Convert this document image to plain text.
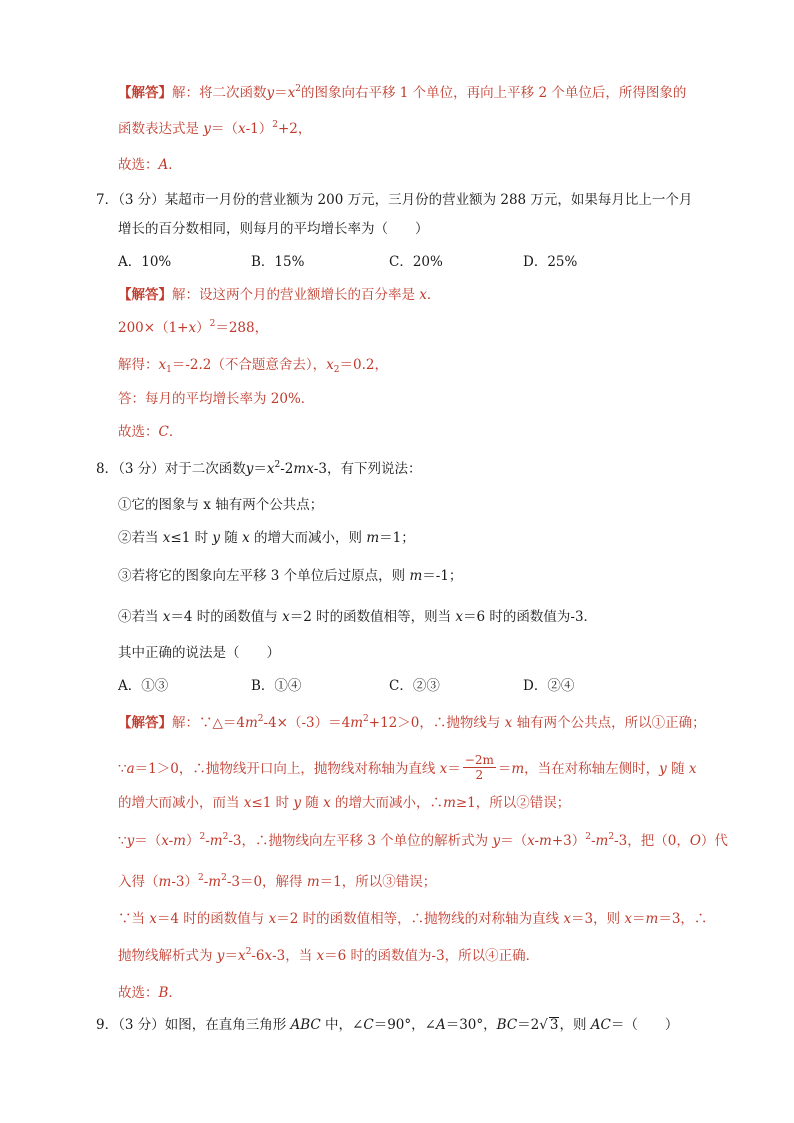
【解答】解：将二次函数$y=x^2$的图象向右平移 1 个单位，再向上平移 2 个单位后，所得图象的
函数表达式是 $y=(x-1)^2+2$，
故选：A．
7．（3 分）某超市一月份的营业额为 200 万元，三月份的营业额为 288 万元，如果每月比上一个月
增长的百分数相同，则每月的平均增长率为（　　）
A．10%	B．15%	C．20%	D．25%
【解答】解：设这两个月的营业额增长的百分率是 x．
$200\times(1+x)^2=288$，
解得：$x_1=-2.2$（不合题意舍去），$x_2=0.2$，
答：每月的平均增长率为 20%．
故选：C．
8．（3 分）对于二次函数$y=x^2-2mx-3$，有下列说法：
①它的图象与 x 轴有两个公共点；
②若当 x≤1 时 y 随 x 的增大而减小，则 m＝1；
③若将它的图象向左平移 3 个单位后过原点，则 m＝-1；
④若当 x＝4 时的函数值与 x＝2 时的函数值相等，则当 x＝6 时的函数值为-3．
其中正确的说法是（　　）
A．①③	B．①④	C．②③	D．②④
【解答】解：$\because\triangle=4m^2-4\times(-3)=4m^2+12>0$，∴抛物线与 x 轴有两个公共点，所以①正确；
∵a＝1＞0，∴抛物线开口向上，抛物线对称轴为直线 $x= \frac{-2m}{2} =m$，当在对称轴左侧时，y 随 x
的增大而减小，而当 x≤1 时 y 随 x 的增大而减小，∴m≥1，所以②错误；
$\because y=(x-m)^2-m^2-3$，∴抛物线向左平移 3 个单位的解析式为 $y=(x-m+3)^2-m^2-3$，把（0，O）代
入得$(m-3)^2-m^2-3=0$，解得 m＝1，所以③错误；
∵当 x＝4 时的函数值与 x＝2 时的函数值相等，∴抛物线的对称轴为直线 x＝3，则 x＝m＝3，∴
抛物线解析式为 $y=x^2-6x-3$，当 x＝6 时的函数值为-3，所以④正确．
故选：B．
9．（3 分）如图，在直角三角形 ABC 中，∠C＝90°，∠A＝30°，BC＝2√ 3，则 AC＝（　　）
